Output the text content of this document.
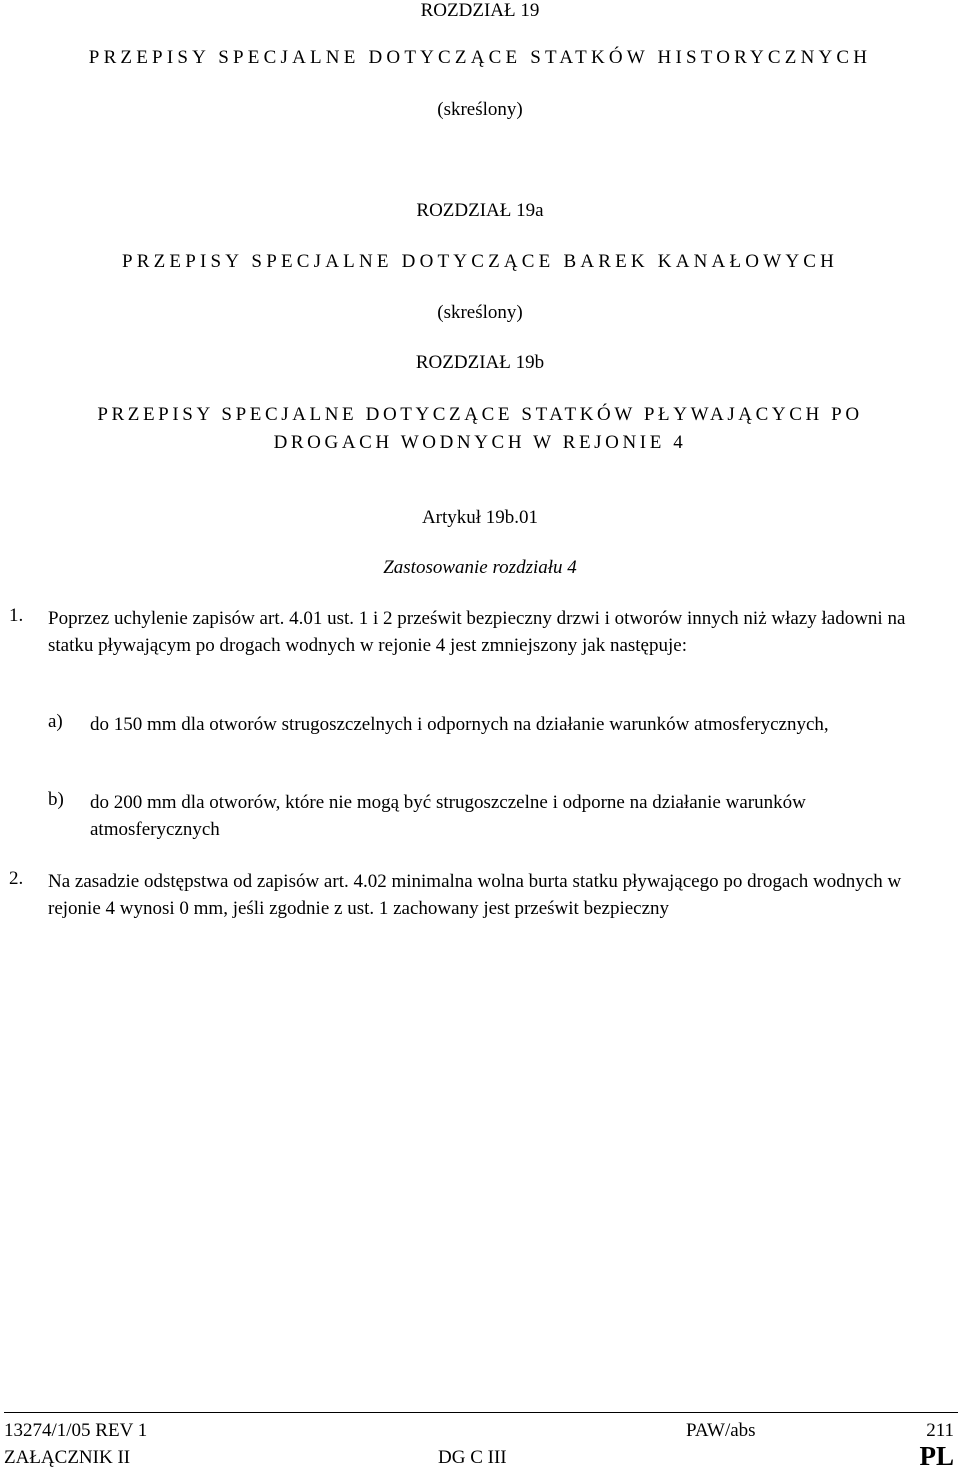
ROZDZIAŁ 19
PRZEPISY SPECJALNE DOTYCZĄCE STATKÓW HISTORYCZNYCH
(skreślony)
ROZDZIAŁ 19a
PRZEPISY SPECJALNE DOTYCZĄCE BAREK KANAŁOWYCH
(skreślony)
ROZDZIAŁ 19b
PRZEPISY SPECJALNE DOTYCZĄCE STATKÓW PŁYWAJĄCYCH PO
DROGACH WODNYCH W REJONIE 4
Artykuł 19b.01
Zastosowanie rozdziału 4
1. Poprzez uchylenie zapisów art. 4.01 ust. 1 i 2 prześwit bezpieczny drzwi i otworów innych niż włazy ładowni na statku pływającym po drogach wodnych w rejonie 4 jest zmniejszony jak następuje:
a) do 150 mm dla otworów strugoszczelnych i odpornych na działanie warunków atmosferycznych,
b) do 200 mm dla otworów, które nie mogą być strugoszczelne i odporne na działanie warunków atmosferycznych
2. Na zasadzie odstępstwa od zapisów art. 4.02 minimalna wolna burta statku pływającego po drogach wodnych w rejonie 4 wynosi 0 mm, jeśli zgodnie z ust. 1 zachowany jest prześwit bezpieczny
13274/1/05 REV 1	PAW/abs	211
ZAŁĄCZNIK II	DG C III	PL
